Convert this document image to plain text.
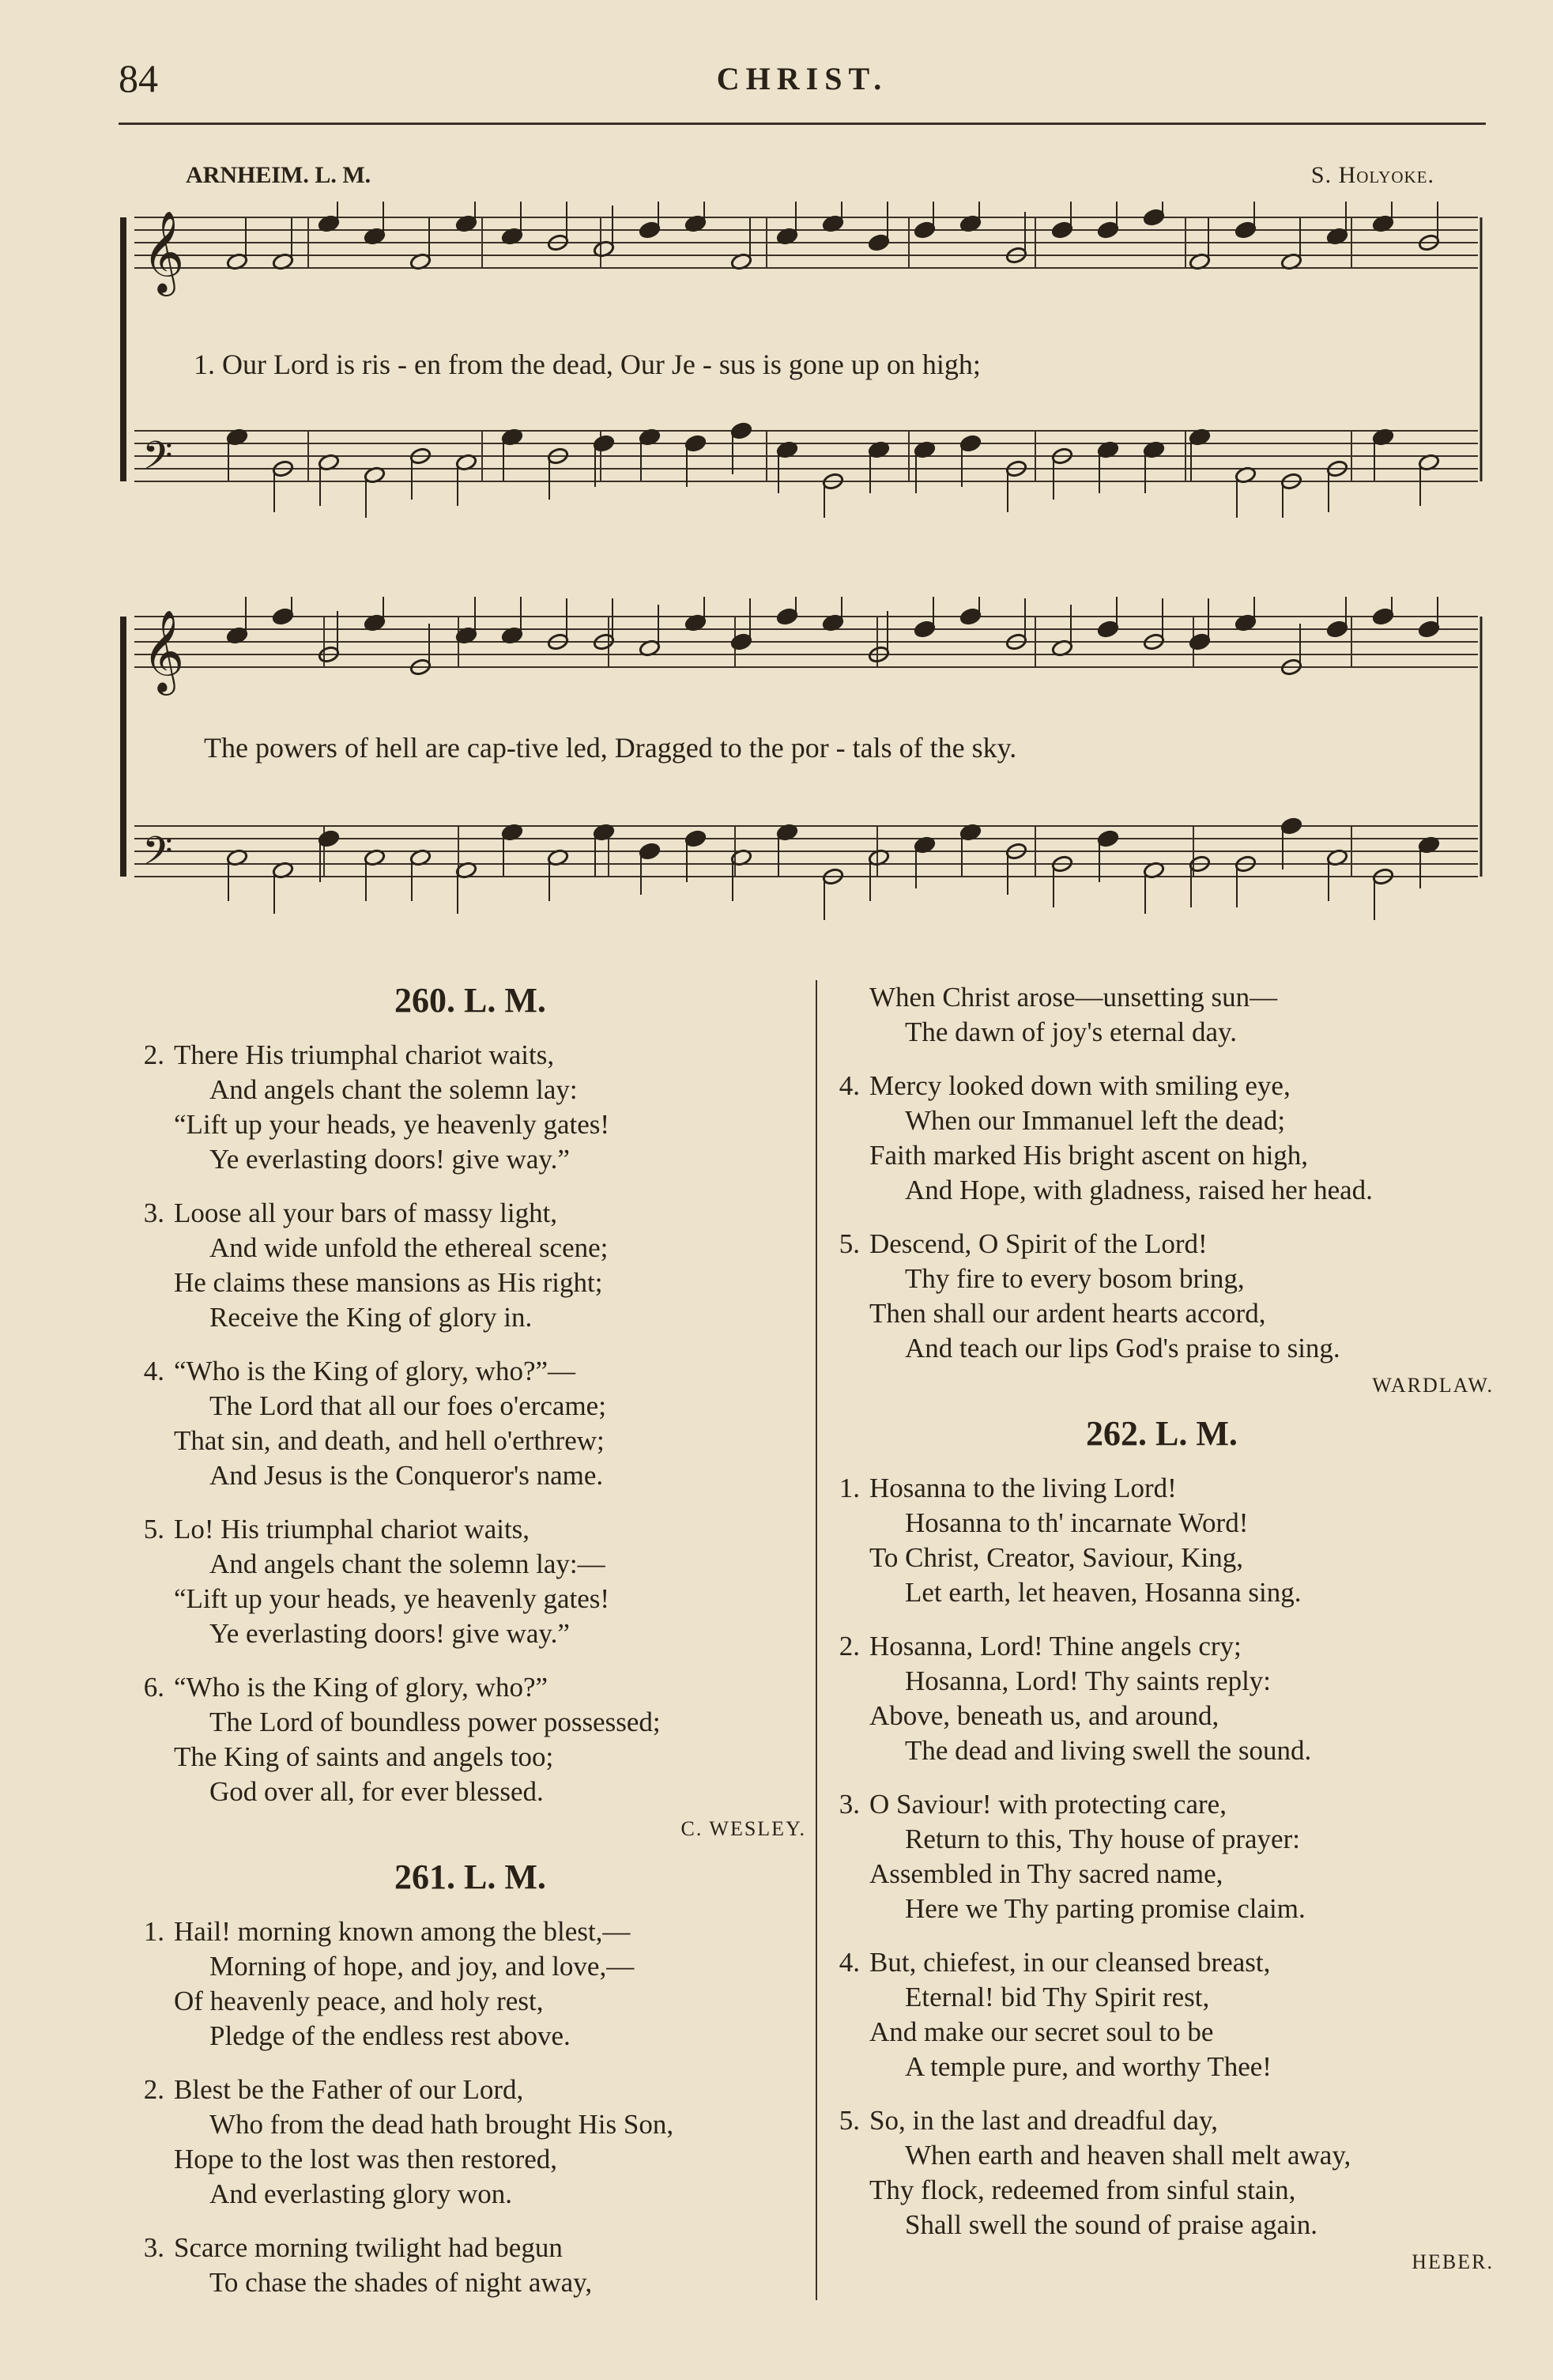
84	CHRIST.
ARNHEIM. L. M.	S. Holyoke.
𝄞
𝄢
1. Our Lord is ris - en from the dead, Our Je - sus is gone up on high;
𝄞
𝄢
The powers of hell are cap-tive led, Dragged to the por - tals of the sky.
260. L. M.
2. There His triumphal chariot waits,
And angels chant the solemn lay:
“Lift up your heads, ye heavenly gates!
Ye everlasting doors! give way.”
3. Loose all your bars of massy light,
And wide unfold the ethereal scene;
He claims these mansions as His right;
Receive the King of glory in.
4. “Who is the King of glory, who?”—
The Lord that all our foes o'ercame;
That sin, and death, and hell o'erthrew;
And Jesus is the Conqueror's name.
5. Lo! His triumphal chariot waits,
And angels chant the solemn lay:—
“Lift up your heads, ye heavenly gates!
Ye everlasting doors! give way.”
6. “Who is the King of glory, who?”
The Lord of boundless power possessed;
The King of saints and angels too;
God over all, for ever blessed.
C. WESLEY.
261. L. M.
1. Hail! morning known among the blest,—
Morning of hope, and joy, and love,—
Of heavenly peace, and holy rest,
Pledge of the endless rest above.
2. Blest be the Father of our Lord,
Who from the dead hath brought His Son,
Hope to the lost was then restored,
And everlasting glory won.
3. Scarce morning twilight had begun
To chase the shades of night away,
When Christ arose—unsetting sun—
The dawn of joy's eternal day.
4. Mercy looked down with smiling eye,
When our Immanuel left the dead;
Faith marked His bright ascent on high,
And Hope, with gladness, raised her head.
5. Descend, O Spirit of the Lord!
Thy fire to every bosom bring,
Then shall our ardent hearts accord,
And teach our lips God's praise to sing.
WARDLAW.
262. L. M.
1. Hosanna to the living Lord!
Hosanna to th' incarnate Word!
To Christ, Creator, Saviour, King,
Let earth, let heaven, Hosanna sing.
2. Hosanna, Lord! Thine angels cry;
Hosanna, Lord! Thy saints reply:
Above, beneath us, and around,
The dead and living swell the sound.
3. O Saviour! with protecting care,
Return to this, Thy house of prayer:
Assembled in Thy sacred name,
Here we Thy parting promise claim.
4. But, chiefest, in our cleansed breast,
Eternal! bid Thy Spirit rest,
And make our secret soul to be
A temple pure, and worthy Thee!
5. So, in the last and dreadful day,
When earth and heaven shall melt away,
Thy flock, redeemed from sinful stain,
Shall swell the sound of praise again.
HEBER.
